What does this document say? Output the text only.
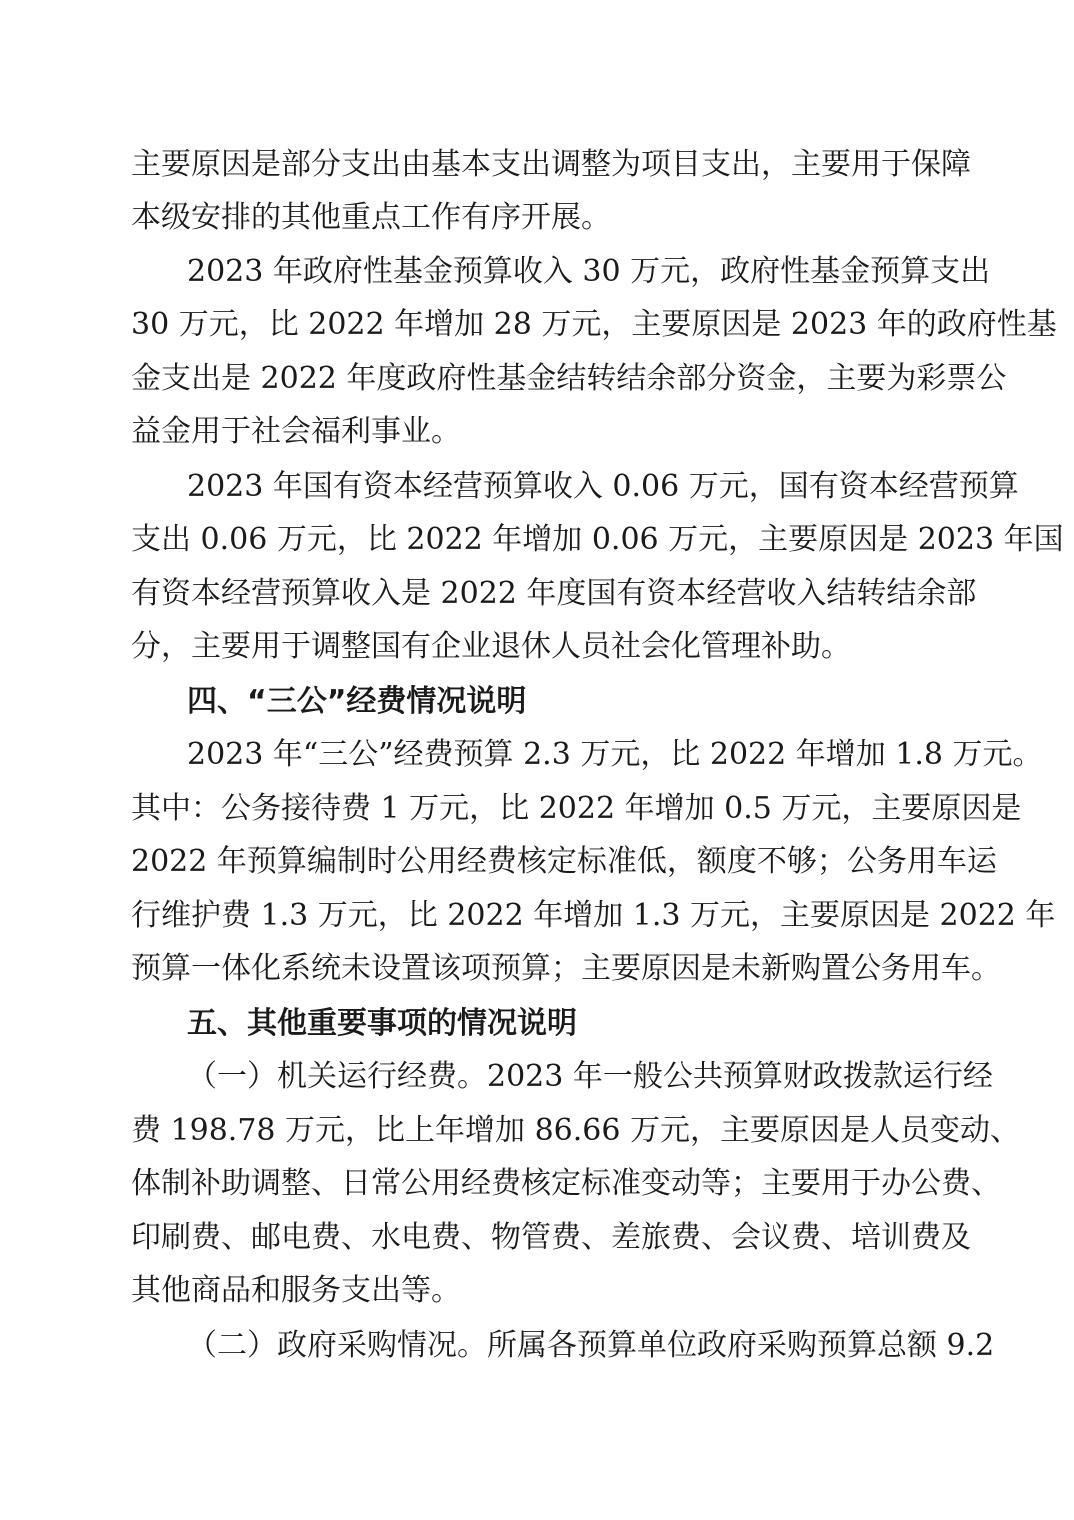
主要原因是部分支出由基本支出调整为项目支出，主要用于保障
本级安排的其他重点工作有序开展。
2023 年政府性基金预算收入 30 万元，政府性基金预算支出
30 万元，比 2022 年增加 28 万元，主要原因是 2023 年的政府性基
金支出是 2022 年度政府性基金结转结余部分资金，主要为彩票公
益金用于社会福利事业。
2023 年国有资本经营预算收入 0.06 万元，国有资本经营预算
支出 0.06 万元，比 2022 年增加 0.06 万元，主要原因是 2023 年国
有资本经营预算收入是 2022 年度国有资本经营收入结转结余部
分，主要用于调整国有企业退休人员社会化管理补助。
四、“三公”经费情况说明
2023 年“三公”经费预算 2.3 万元，比 2022 年增加 1.8 万元。
其中：公务接待费 1 万元，比 2022 年增加 0.5 万元，主要原因是
2022 年预算编制时公用经费核定标准低，额度不够；公务用车运
行维护费 1.3 万元，比 2022 年增加 1.3 万元，主要原因是 2022 年
预算一体化系统未设置该项预算；主要原因是未新购置公务用车。
五、其他重要事项的情况说明
（一）机关运行经费。2023 年一般公共预算财政拨款运行经
费 198.78 万元，比上年增加 86.66 万元，主要原因是人员变动、
体制补助调整、日常公用经费核定标准变动等；主要用于办公费、
印刷费、邮电费、水电费、物管费、差旅费、会议费、培训费及
其他商品和服务支出等。
（二）政府采购情况。所属各预算单位政府采购预算总额 9.2
